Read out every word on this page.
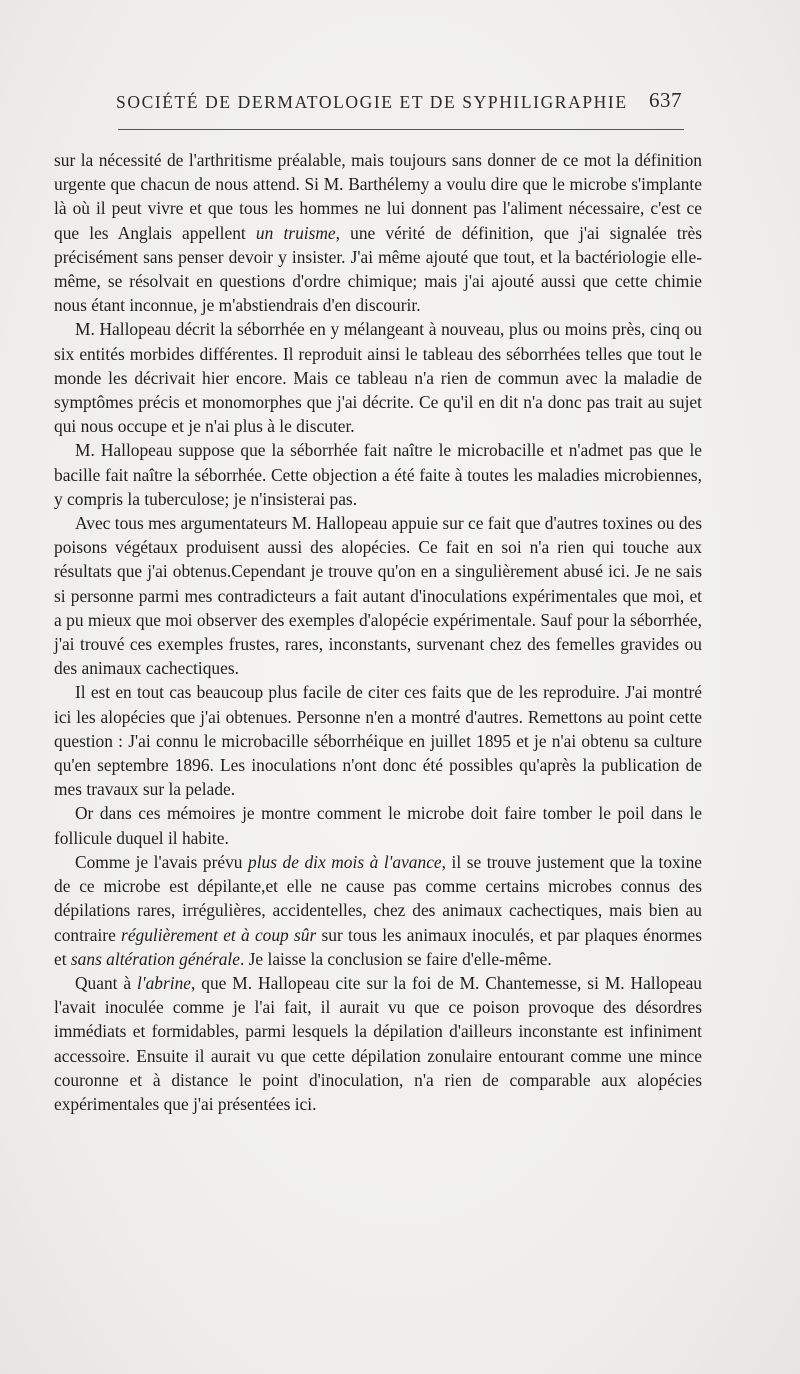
SOCIÉTÉ DE DERMATOLOGIE ET DE SYPHILIGRAPHIE 637

sur la nécessité de l'arthritisme préalable, mais toujours sans donner de ce mot la définition urgente que chacun de nous attend. Si M. Barthélemy a voulu dire que le microbe s'implante là où il peut vivre et que tous les hommes ne lui donnent pas l'aliment nécessaire, c'est ce que les Anglais appellent un truisme, une vérité de définition, que j'ai signalée très précisément sans penser devoir y insister. J'ai même ajouté que tout, et la bactériologie elle-même, se résolvait en questions d'ordre chimique; mais j'ai ajouté aussi que cette chimie nous étant inconnue, je m'abstiendrais d'en discourir.

M. Hallopeau décrit la séborrhée en y mélangeant à nouveau, plus ou moins près, cinq ou six entités morbides différentes. Il reproduit ainsi le tableau des séborrhées telles que tout le monde les décrivait hier encore. Mais ce tableau n'a rien de commun avec la maladie de symptômes précis et monomorphes que j'ai décrite. Ce qu'il en dit n'a donc pas trait au sujet qui nous occupe et je n'ai plus à le discuter.

M. Hallopeau suppose que la séborrhée fait naître le microbacille et n'admet pas que le bacille fait naître la séborrhée. Cette objection a été faite à toutes les maladies microbiennes, y compris la tuberculose; je n'insisterai pas.

Avec tous mes argumentateurs M. Hallopeau appuie sur ce fait que d'autres toxines ou des poisons végétaux produisent aussi des alopécies. Ce fait en soi n'a rien qui touche aux résultats que j'ai obtenus.Cependant je trouve qu'on en a singulièrement abusé ici. Je ne sais si personne parmi mes contradicteurs a fait autant d'inoculations expérimentales que moi, et a pu mieux que moi observer des exemples d'alopécie expérimentale. Sauf pour la séborrhée, j'ai trouvé ces exemples frustes, rares, inconstants, survenant chez des femelles gravides ou des animaux cachectiques.

Il est en tout cas beaucoup plus facile de citer ces faits que de les reproduire. J'ai montré ici les alopécies que j'ai obtenues. Personne n'en a montré d'autres. Remettons au point cette question : J'ai connu le microbacille séborrhéique en juillet 1895 et je n'ai obtenu sa culture qu'en septembre 1896. Les inoculations n'ont donc été possibles qu'après la publication de mes travaux sur la pelade.

Or dans ces mémoires je montre comment le microbe doit faire tomber le poil dans le follicule duquel il habite.

Comme je l'avais prévu plus de dix mois à l'avance, il se trouve justement que la toxine de ce microbe est dépilante,et elle ne cause pas comme certains microbes connus des dépilations rares, irrégulières, accidentelles, chez des animaux cachectiques, mais bien au contraire régulièrement et à coup sûr sur tous les animaux inoculés, et par plaques énormes et sans altération générale. Je laisse la conclusion se faire d'elle-même.

Quant à l'abrine, que M. Hallopeau cite sur la foi de M. Chantemesse, si M. Hallopeau l'avait inoculée comme je l'ai fait, il aurait vu que ce poison provoque des désordres immédiats et formidables, parmi lesquels la dépilation d'ailleurs inconstante est infiniment accessoire. Ensuite il aurait vu que cette dépilation zonulaire entourant comme une mince couronne et à distance le point d'inoculation, n'a rien de comparable aux alopécies expérimentales que j'ai présentées ici.
